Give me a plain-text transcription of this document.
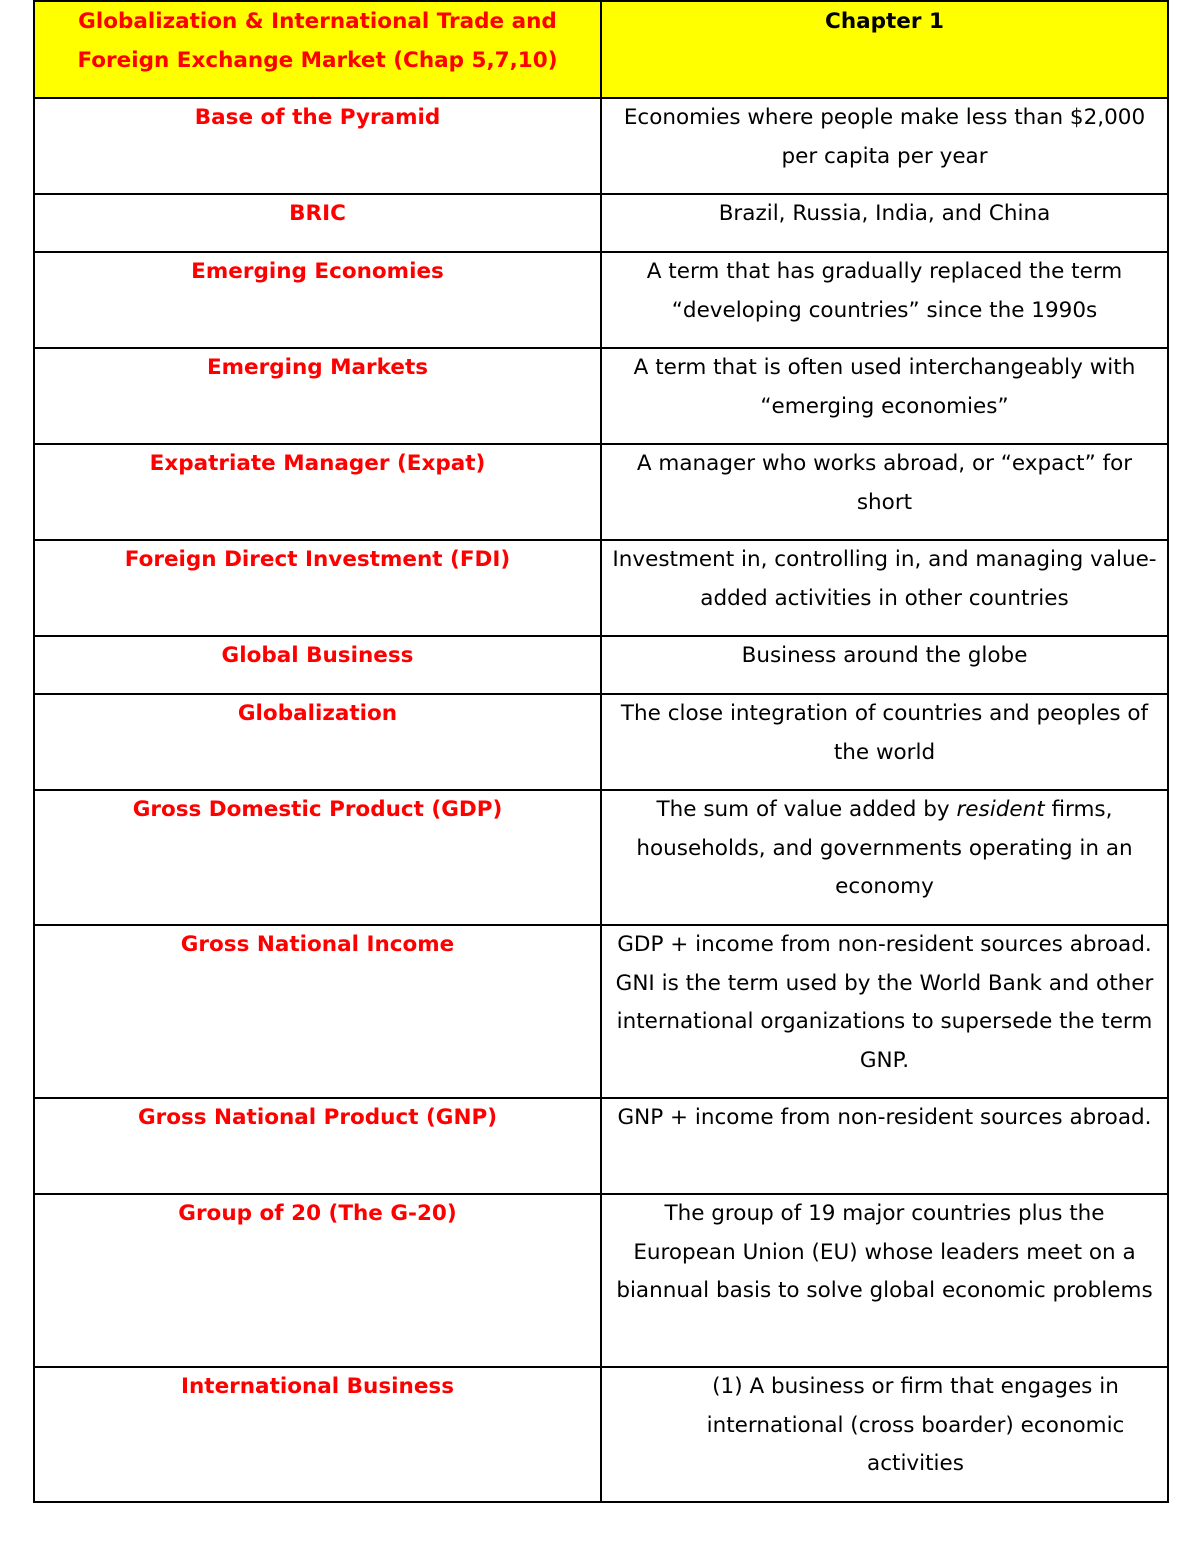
Globalization & International Trade and Foreign Exchange Market (Chap 5,7,10)	Chapter 1
Base of the Pyramid	Economies where people make less than $2,000 per capita per year
BRIC	Brazil, Russia, India, and China
Emerging Economies	A term that has gradually replaced the term “developing countries” since the 1990s
Emerging Markets	A term that is often used interchangeably with “emerging economies”
Expatriate Manager (Expat)	A manager who works abroad, or “expact” for short
Foreign Direct Investment (FDI)	Investment in, controlling in, and managing value-added activities in other countries
Global Business	Business around the globe
Globalization	The close integration of countries and peoples of the world
Gross Domestic Product (GDP)	The sum of value added by resident firms, households, and governments operating in an economy
Gross National Income	GDP + income from non-resident sources abroad. GNI is the term used by the World Bank and other international organizations to supersede the term GNP.
Gross National Product (GNP)	GNP + income from non-resident sources abroad.
Group of 20 (The G-20)	The group of 19 major countries plus the European Union (EU) whose leaders meet on a biannual basis to solve global economic problems
International Business	(1) A business or firm that engages in international (cross boarder) economic activities
